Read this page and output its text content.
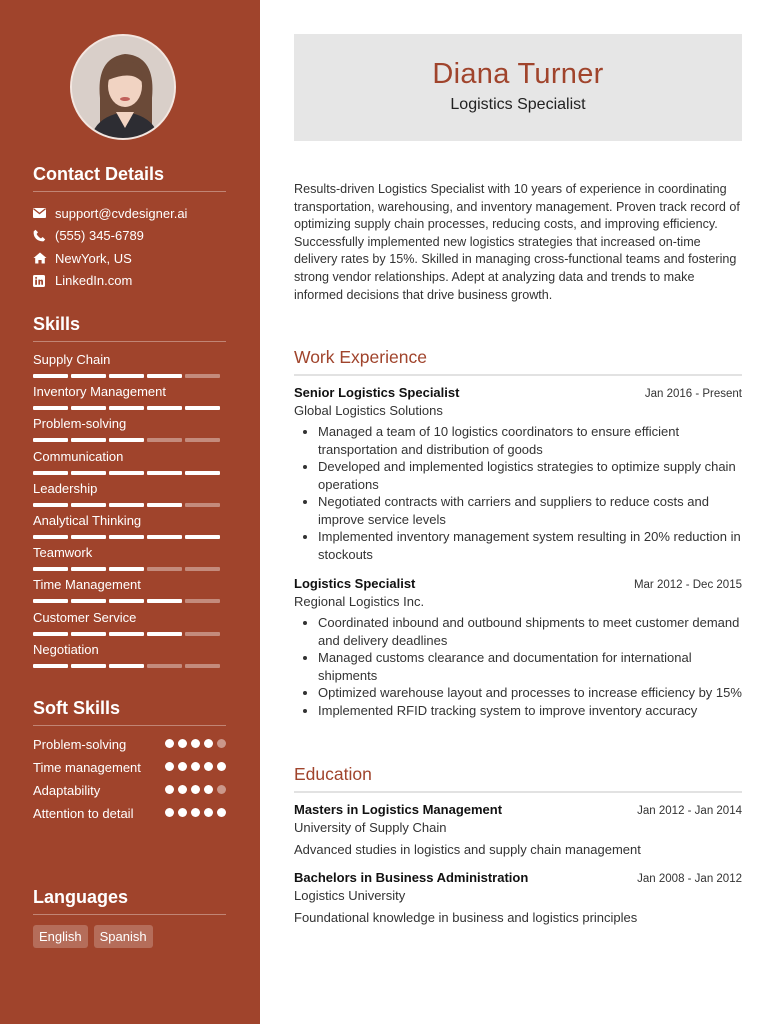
Contact Details
support@cvdesigner.ai
(555) 345-6789
NewYork, US
LinkedIn.com
Skills
Supply Chain
Inventory Management
Problem-solving
Communication
Leadership
Analytical Thinking
Teamwork
Time Management
Customer Service
Negotiation
Soft Skills
Problem-solving
Time management
Adaptability
Attention to detail
Languages
English	Spanish
Diana Turner
Logistics Specialist

Results-driven Logistics Specialist with 10 years of experience in coordinating transportation, warehousing, and inventory management. Proven track record of optimizing supply chain processes, reducing costs, and improving efficiency. Successfully implemented new logistics strategies that increased on-time delivery rates by 15%. Skilled in managing cross-functional teams and fostering strong vendor relationships. Adept at analyzing data and trends to make informed decisions that drive business growth.

Work Experience
Senior Logistics Specialist	Jan 2016 - Present
Global Logistics Solutions
• Managed a team of 10 logistics coordinators to ensure efficient transportation and distribution of goods
• Developed and implemented logistics strategies to optimize supply chain operations
• Negotiated contracts with carriers and suppliers to reduce costs and improve service levels
• Implemented inventory management system resulting in 20% reduction in stockouts
Logistics Specialist	Mar 2012 - Dec 2015
Regional Logistics Inc.
• Coordinated inbound and outbound shipments to meet customer demand and delivery deadlines
• Managed customs clearance and documentation for international shipments
• Optimized warehouse layout and processes to increase efficiency by 15%
• Implemented RFID tracking system to improve inventory accuracy
Education
Masters in Logistics Management	Jan 2012 - Jan 2014
University of Supply Chain
Advanced studies in logistics and supply chain management
Bachelors in Business Administration	Jan 2008 - Jan 2012
Logistics University
Foundational knowledge in business and logistics principles
